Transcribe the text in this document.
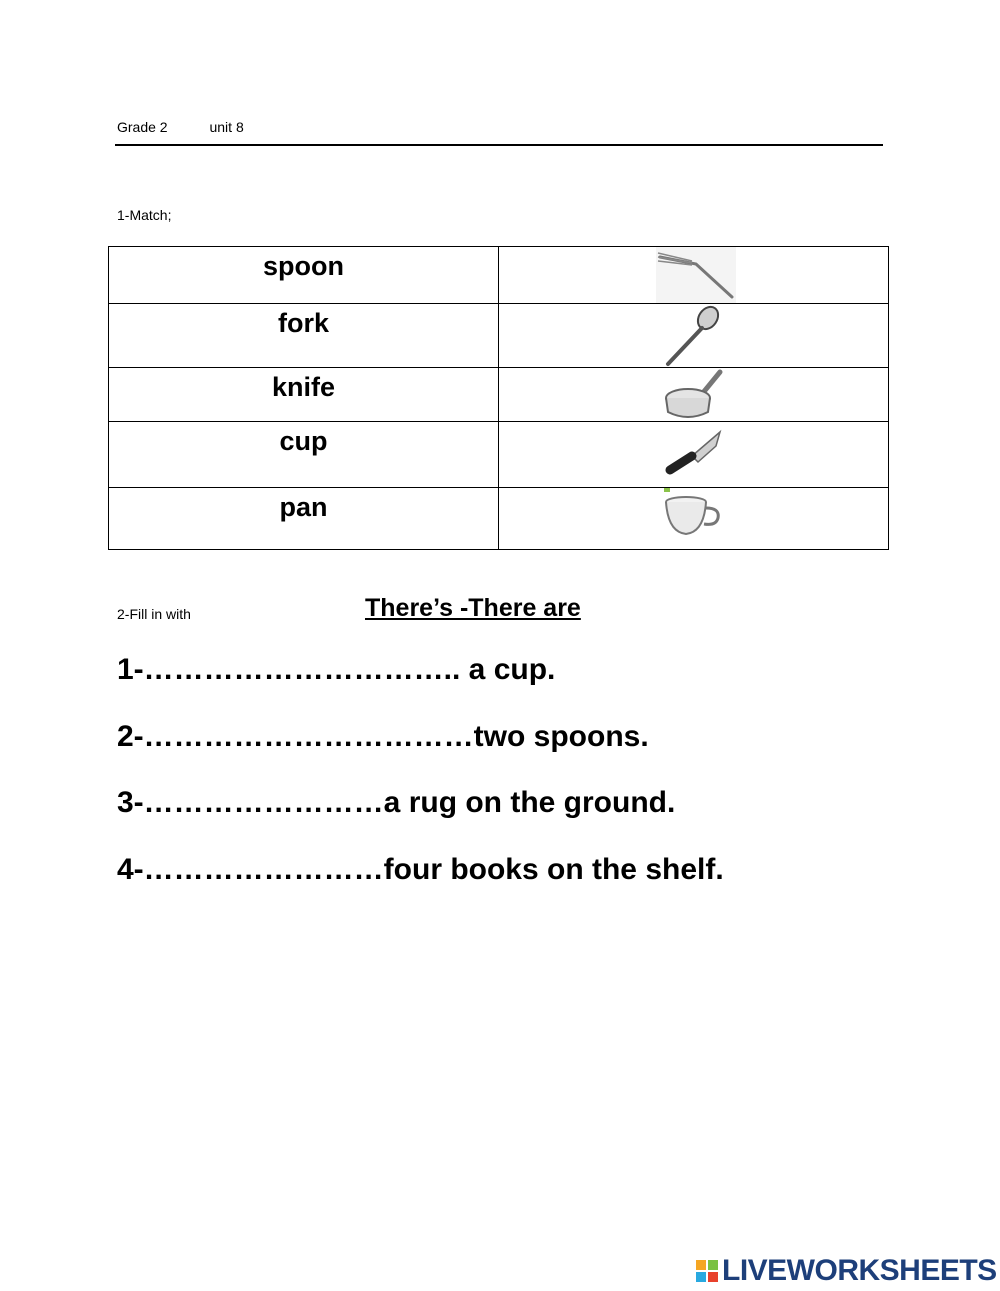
Grade 2	unit 8
1-Match;
spoon	

fork	

knife	

cup	

pan	
2-Fill in with	There’s -There are
1-………………………….. a cup.
2-……………………………two spoons.
3-……………………a rug on the ground.
4-……………………four books on the shelf.
LIVEWORKSHEETS
